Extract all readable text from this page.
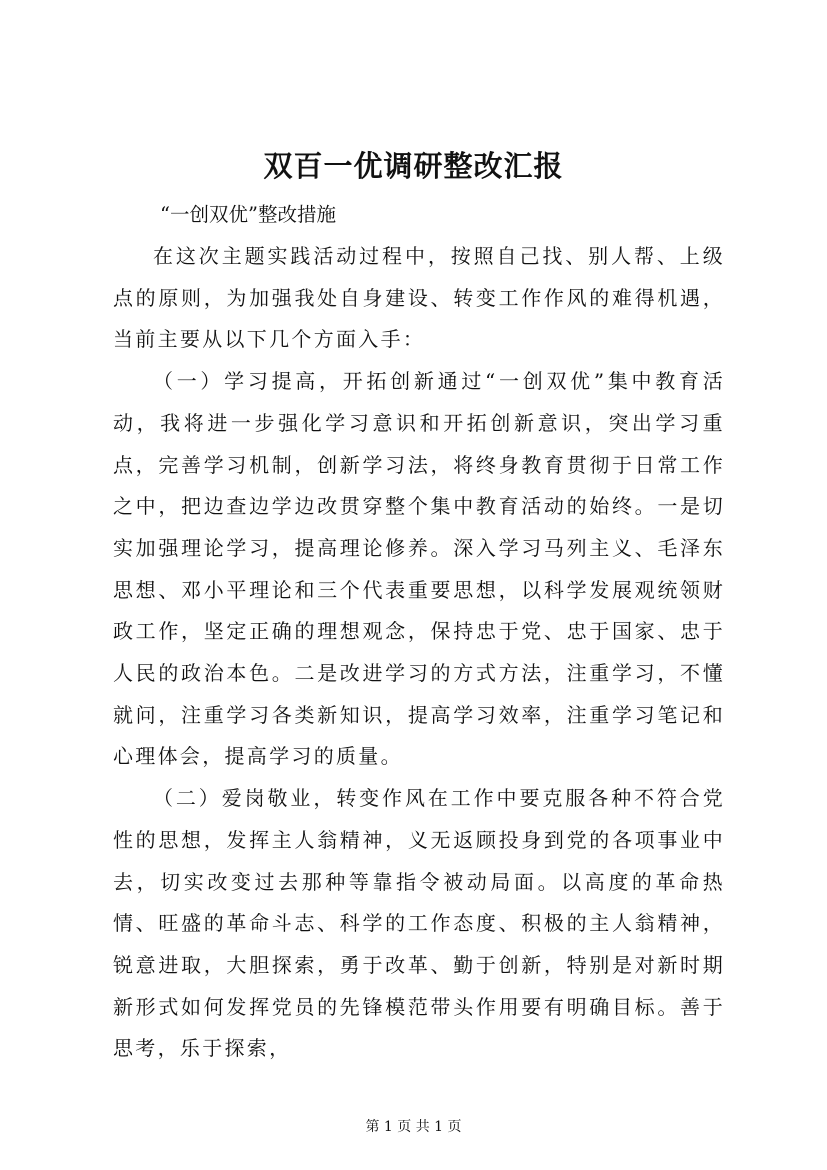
双百一优调研整改汇报

“一创双优”整改措施

在这次主题实践活动过程中，按照自己找、别人帮、上级点的原则，为加强我处自身建设、转变工作作风的难得机遇，当前主要从以下几个方面入手：

（一）学习提高，开拓创新通过“一创双优”集中教育活动，我将进一步强化学习意识和开拓创新意识，突出学习重点，完善学习机制，创新学习法，将终身教育贯彻于日常工作之中，把边查边学边改贯穿整个集中教育活动的始终。一是切实加强理论学习，提高理论修养。深入学习马列主义、毛泽东思想、邓小平理论和三个代表重要思想，以科学发展观统领财政工作，坚定正确的理想观念，保持忠于党、忠于国家、忠于人民的政治本色。二是改进学习的方式方法，注重学习，不懂就问，注重学习各类新知识，提高学习效率，注重学习笔记和心理体会，提高学习的质量。

（二）爱岗敬业，转变作风在工作中要克服各种不符合党性的思想，发挥主人翁精神，义无返顾投身到党的各项事业中去，切实改变过去那种等靠指令被动局面。以高度的革命热情、旺盛的革命斗志、科学的工作态度、积极的主人翁精神，锐意进取，大胆探索，勇于改革、勤于创新，特别是对新时期新形式如何发挥党员的先锋模范带头作用要有明确目标。善于思考，乐于探索，

第 1 页 共 1 页
